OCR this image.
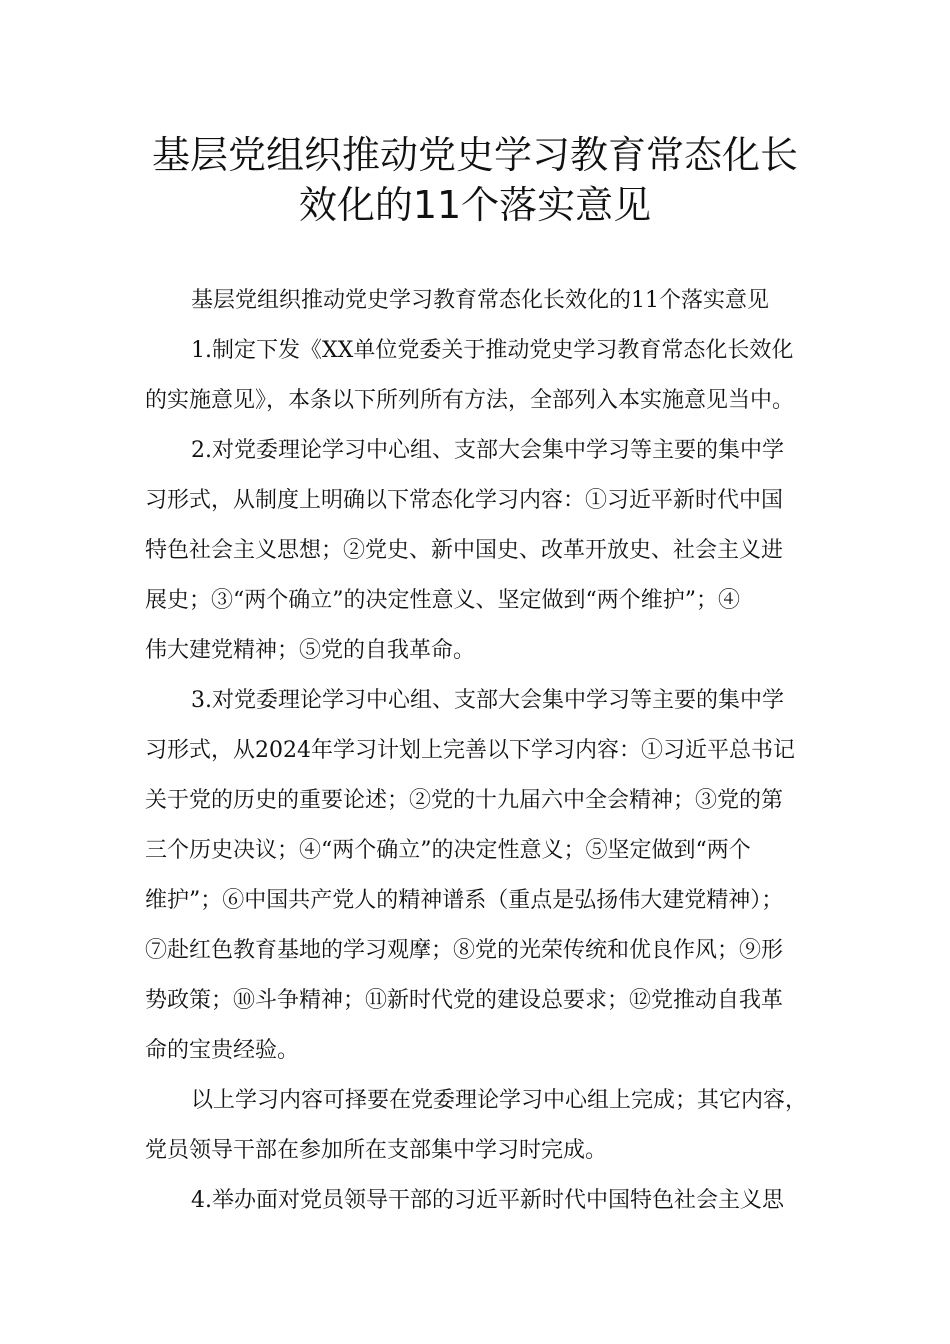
基层党组织推动党史学习教育常态化长
效化的11个落实意见
基层党组织推动党史学习教育常态化长效化的11个落实意见
1.制定下发《XX单位党委关于推动党史学习教育常态化长效化
的实施意见》，本条以下所列所有方法，全部列入本实施意见当中。
2.对党委理论学习中心组、支部大会集中学习等主要的集中学
习形式，从制度上明确以下常态化学习内容：①习近平新时代中国
特色社会主义思想；②党史、新中国史、改革开放史、社会主义进
展史；③“两个确立”的决定性意义、坚定做到“两个维护”；④
伟大建党精神；⑤党的自我革命。
3.对党委理论学习中心组、支部大会集中学习等主要的集中学
习形式，从2024年学习计划上完善以下学习内容：①习近平总书记
关于党的历史的重要论述；②党的十九届六中全会精神；③党的第
三个历史决议；④“两个确立”的决定性意义；⑤坚定做到“两个
维护”；⑥中国共产党人的精神谱系（重点是弘扬伟大建党精神）；
⑦赴红色教育基地的学习观摩；⑧党的光荣传统和优良作风；⑨形
势政策；⑩斗争精神；⑪新时代党的建设总要求；⑫党推动自我革
命的宝贵经验。
以上学习内容可择要在党委理论学习中心组上完成；其它内容，
党员领导干部在参加所在支部集中学习时完成。
4.举办面对党员领导干部的习近平新时代中国特色社会主义思
